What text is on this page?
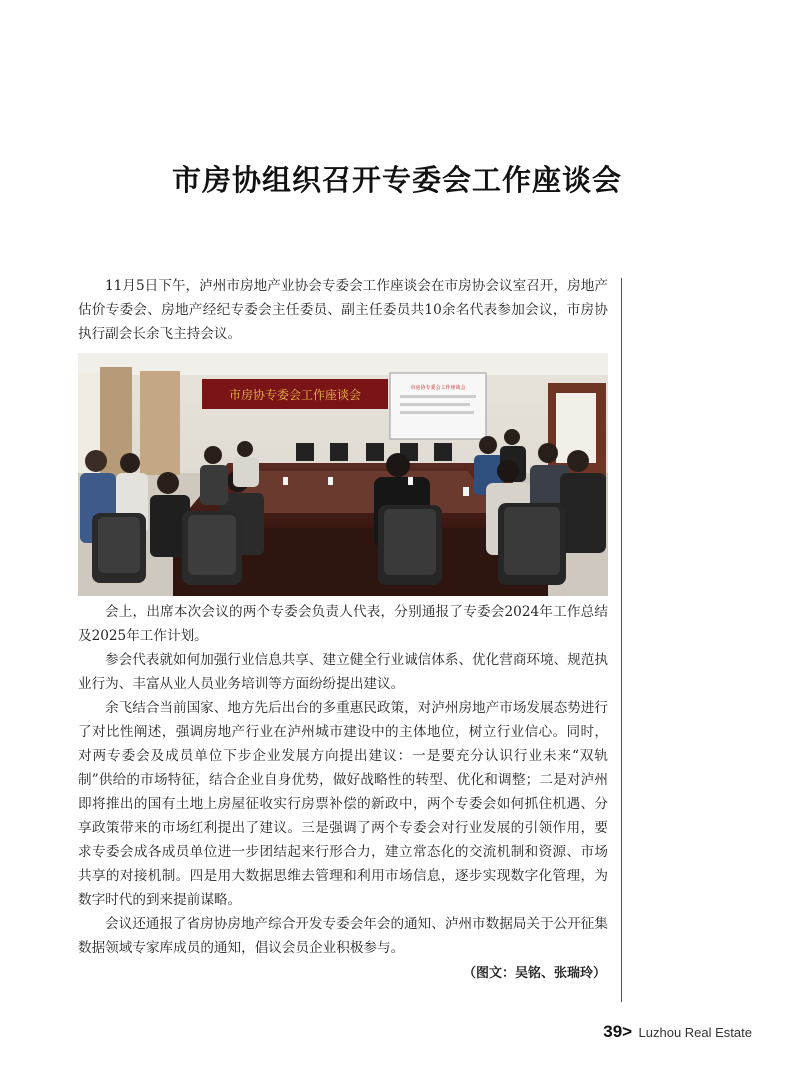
市房协组织召开专委会工作座谈会

11月5日下午，泸州市房地产业协会专委会工作座谈会在市房协会议室召开，房地产估价专委会、房地产经纪专委会主任委员、副主任委员共10余名代表参加会议，市房协执行副会长余飞主持会议。

市房协专委会工作座谈会	市房协专委会工作座谈会

会上，出席本次会议的两个专委会负责人代表，分别通报了专委会2024年工作总结及2025年工作计划。

参会代表就如何加强行业信息共享、建立健全行业诚信体系、优化营商环境、规范执业行为、丰富从业人员业务培训等方面纷纷提出建议。

余飞结合当前国家、地方先后出台的多重惠民政策，对泸州房地产市场发展态势进行了对比性阐述，强调房地产行业在泸州城市建设中的主体地位，树立行业信心。同时，对两专委会及成员单位下步企业发展方向提出建议：一是要充分认识行业未来“双轨制”供给的市场特征，结合企业自身优势，做好战略性的转型、优化和调整；二是对泸州即将推出的国有土地上房屋征收实行房票补偿的新政中，两个专委会如何抓住机遇、分享政策带来的市场红利提出了建议。三是强调了两个专委会对行业发展的引领作用，要求专委会成各成员单位进一步团结起来行形合力，建立常态化的交流机制和资源、市场共享的对接机制。四是用大数据思维去管理和利用市场信息，逐步实现数字化管理，为数字时代的到来提前谋略。

会议还通报了省房协房地产综合开发专委会年会的通知、泸州市数据局关于公开征集数据领域专家库成员的通知，倡议会员企业积极参与。

（图文：吴铭、张瑞玲）
39> Luzhou Real Estate
